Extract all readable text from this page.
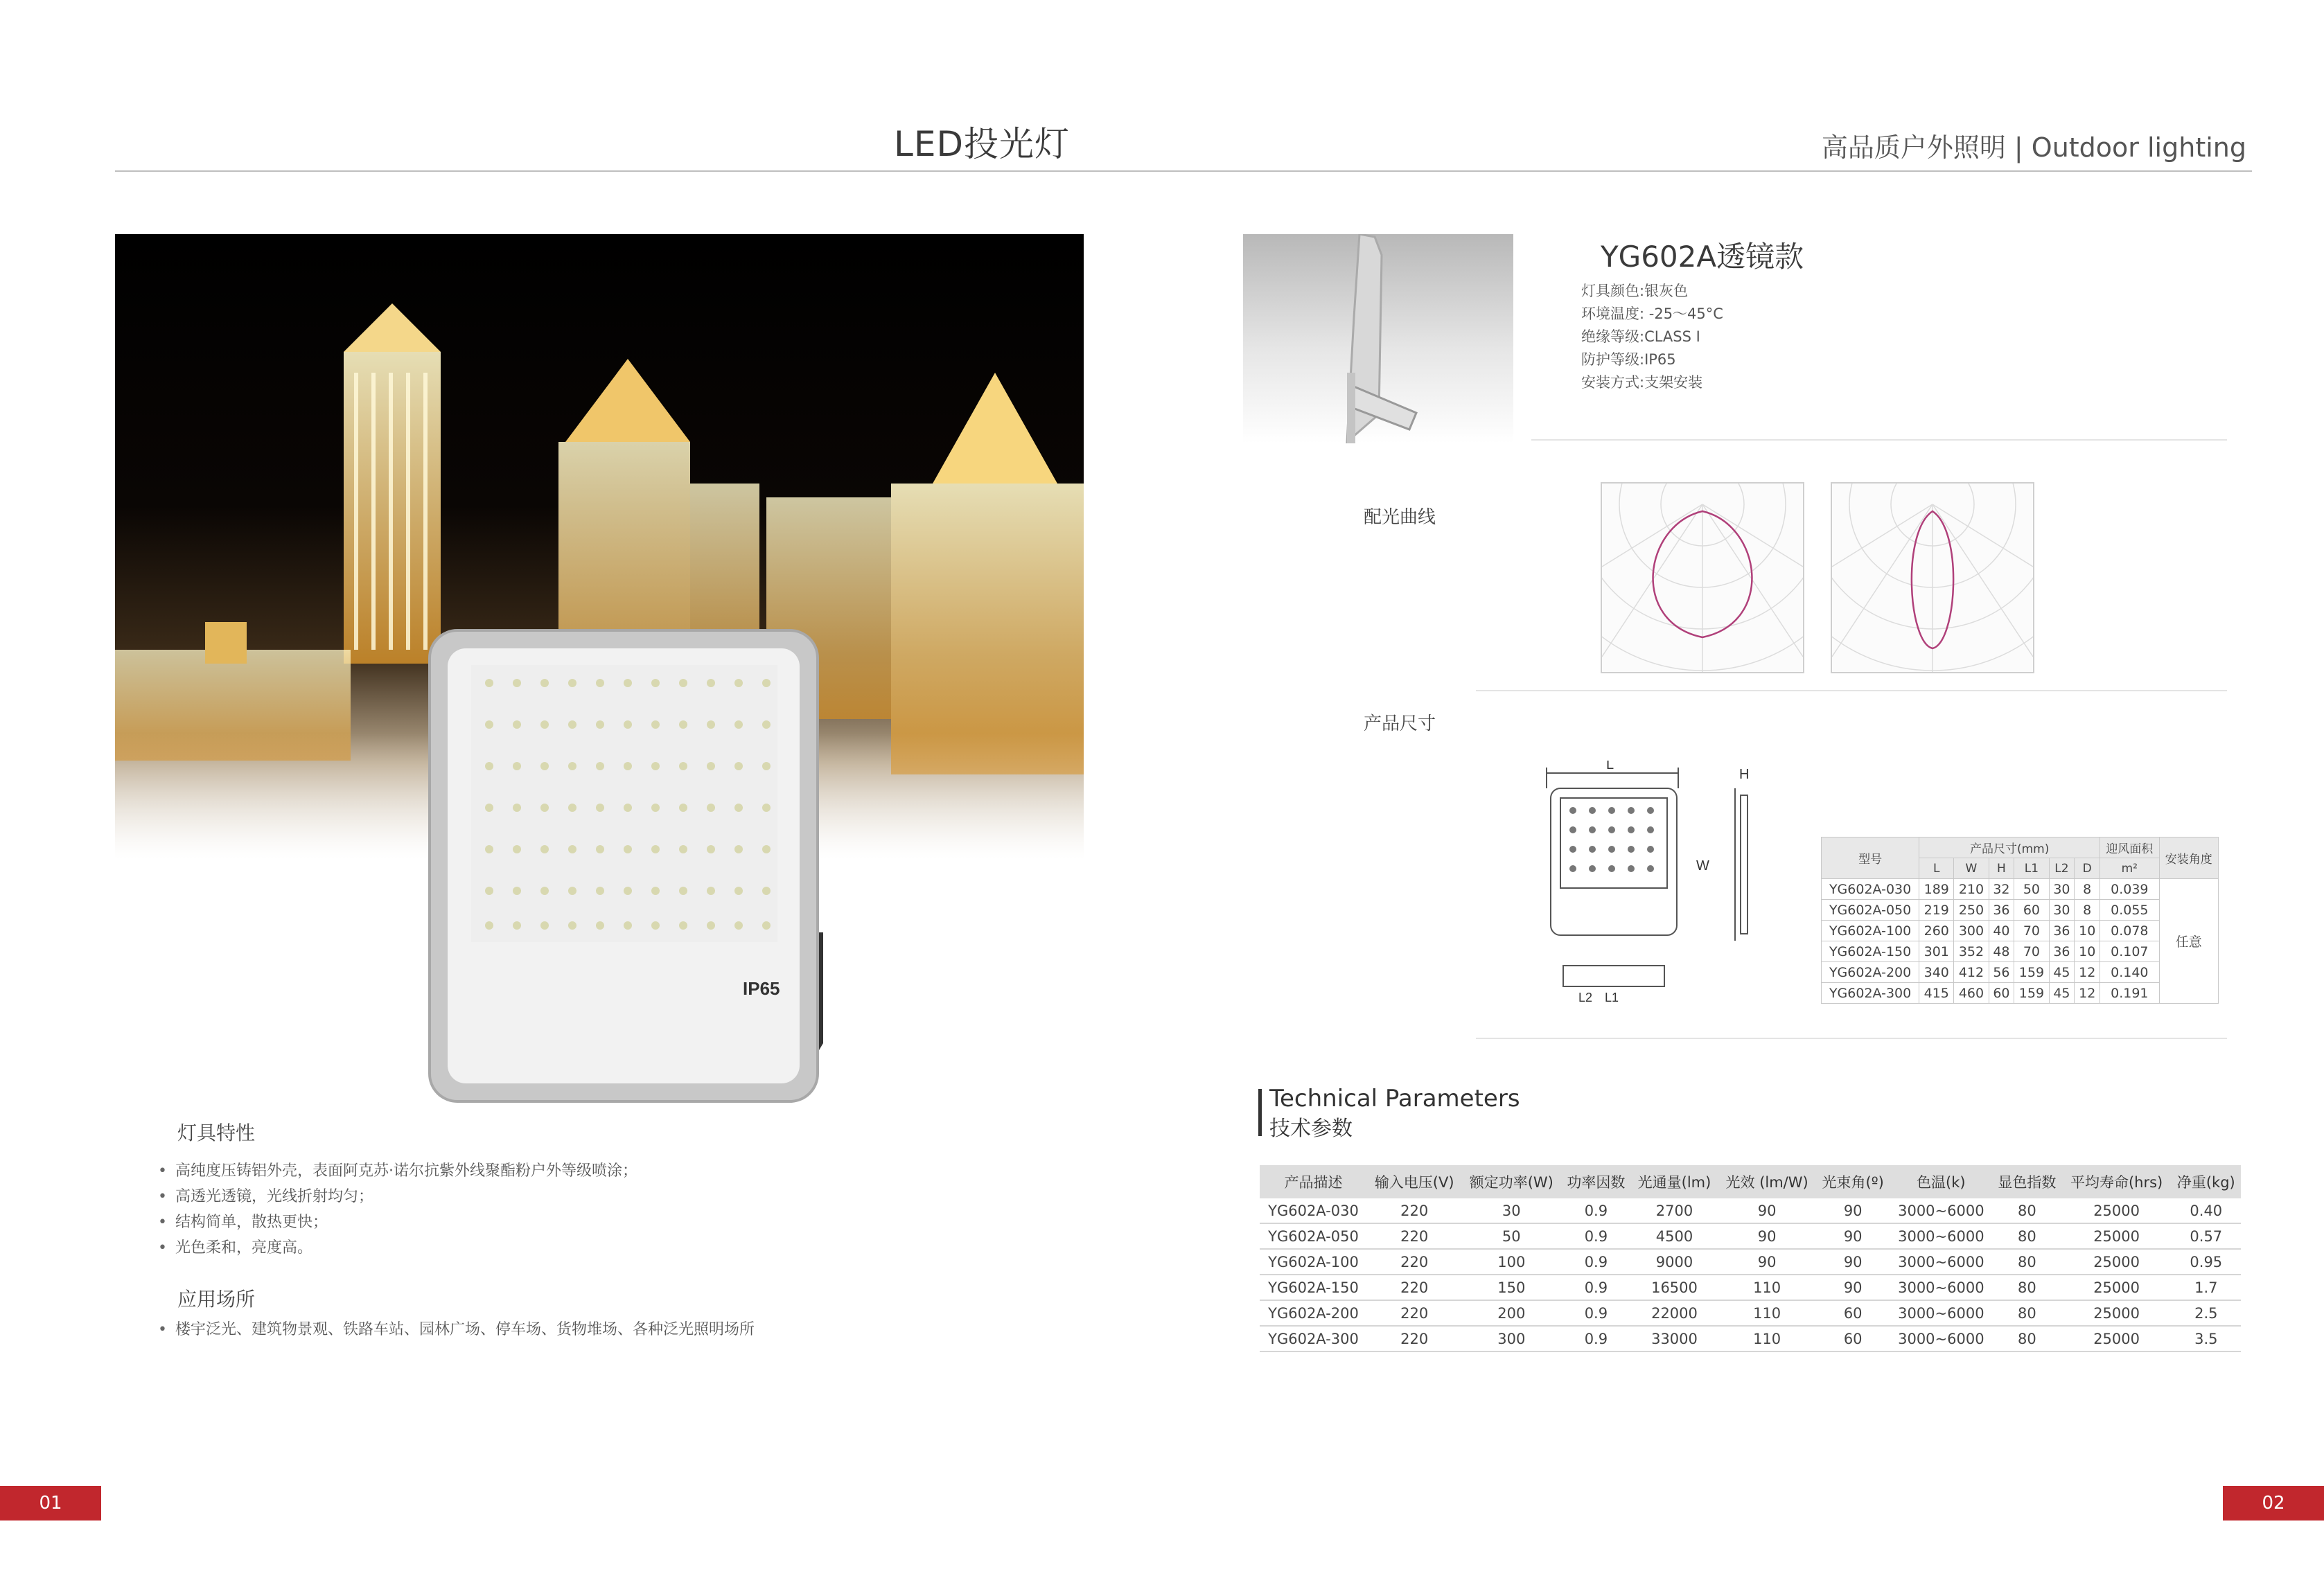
LED投光灯	高品质户外照明 | Outdoor lighting
IP65
灯具特性
• 高纯度压铸铝外壳，表面阿克苏·诺尔抗紫外线聚酯粉户外等级喷涂；
• 高透光透镜，光线折射均匀；
• 结构简单，散热更快；
• 光色柔和，亮度高。
应用场所
• 楼宇泛光、建筑物景观、铁路车站、园林广场、停车场、货物堆场、各种泛光照明场所
01
YG602A透镜款
灯具颜色:银灰色
环境温度: -25～45°C
绝缘等级:CLASS I
防护等级:IP65
安装方式:支架安装
配光曲线
产品尺寸
L
H
W
L2 L1
型号	产品尺寸(mm)						迎风面积	安装角度
	L	W	H	L1	L2	D	m²	
YG602A-030	189	210	32	50	30	8	0.039	任意
YG602A-050	219	250	36	60	30	8	0.055	
YG602A-100	260	300	40	70	36	10	0.078	
YG602A-150	301	352	48	70	36	10	0.107	
YG602A-200	340	412	56	159	45	12	0.140	
YG602A-300	415	460	60	159	45	12	0.191	
Technical Parameters
技术参数
产品描述	输入电压(V)	额定功率(W)	功率因数	光通量(lm)	光效 (lm/W)	光束角(º)	色温(k)	显色指数	平均寿命(hrs)	净重(kg)
YG602A-030	220	30	0.9	2700	90	90	3000~6000	80	25000	0.40
YG602A-050	220	50	0.9	4500	90	90	3000~6000	80	25000	0.57
YG602A-100	220	100	0.9	9000	90	90	3000~6000	80	25000	0.95
YG602A-150	220	150	0.9	16500	110	90	3000~6000	80	25000	1.7
YG602A-200	220	200	0.9	22000	110	60	3000~6000	80	25000	2.5
YG602A-300	220	300	0.9	33000	110	60	3000~6000	80	25000	3.5
02
